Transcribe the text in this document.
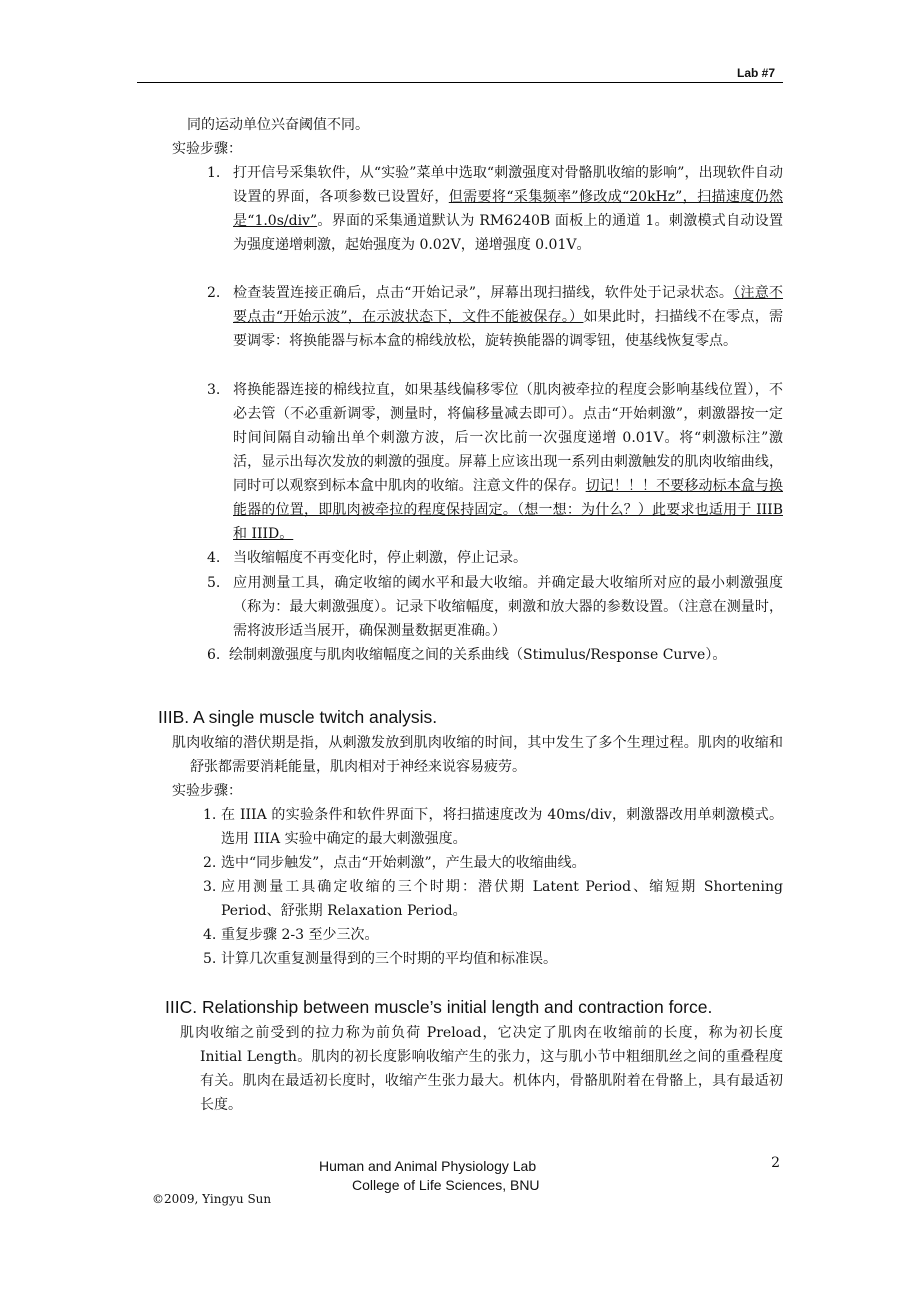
Lab #7

同的运动单位兴奋阈值不同。

实验步骤：

1. 打开信号采集软件，从“实验”菜单中选取“刺激强度对骨骼肌收缩的影响”，出现软件自动设置的界面，各项参数已设置好，但需要将“采集频率”修改成“20kHz”，扫描速度仍然是“1.0s/div”。界面的采集通道默认为 RM6240B 面板上的通道 1。刺激模式自动设置为强度递增刺激，起始强度为 0.02V，递增强度 0.01V。
2. 检查装置连接正确后，点击“开始记录”，屏幕出现扫描线，软件处于记录状态。（注意不要点击“开始示波”，在示波状态下，文件不能被保存。）如果此时，扫描线不在零点，需要调零：将换能器与标本盒的棉线放松，旋转换能器的调零钮，使基线恢复零点。
3. 将换能器连接的棉线拉直，如果基线偏移零位（肌肉被牵拉的程度会影响基线位置），不必去管（不必重新调零，测量时，将偏移量减去即可）。点击“开始刺激”，刺激器按一定时间间隔自动输出单个刺激方波，后一次比前一次强度递增 0.01V。将“刺激标注”激活，显示出每次发放的刺激的强度。屏幕上应该出现一系列由刺激触发的肌肉收缩曲线，同时可以观察到标本盒中肌肉的收缩。注意文件的保存。切记！！！不要移动标本盒与换能器的位置，即肌肉被牵拉的程度保持固定。（想一想：为什么？）此要求也适用于 IIIB 和 IIID。
4. 当收缩幅度不再变化时，停止刺激，停止记录。
5. 应用测量工具，确定收缩的阈水平和最大收缩。并确定最大收缩所对应的最小刺激强度（称为：最大刺激强度）。记录下收缩幅度，刺激和放大器的参数设置。（注意在测量时，需将波形适当展开，确保测量数据更准确。）
6. 绘制刺激强度与肌肉收缩幅度之间的关系曲线（Stimulus/Response Curve）。
IIIB. A single muscle twitch analysis.
肌肉收缩的潜伏期是指，从刺激发放到肌肉收缩的时间，其中发生了多个生理过程。肌肉的收缩和舒张都需要消耗能量，肌肉相对于神经来说容易疲劳。

实验步骤：

1. 在 IIIA 的实验条件和软件界面下，将扫描速度改为 40ms/div，刺激器改用单刺激模式。选用 IIIA 实验中确定的最大刺激强度。
2. 选中“同步触发”，点击“开始刺激”，产生最大的收缩曲线。
3. 应用测量工具确定收缩的三个时期：潜伏期 Latent Period、缩短期 Shortening Period、舒张期 Relaxation Period。
4. 重复步骤 2-3 至少三次。
5. 计算几次重复测量得到的三个时期的平均值和标准误。
IIIC. Relationship between muscle’s initial length and contraction force.
肌肉收缩之前受到的拉力称为前负荷 Preload，它决定了肌肉在收缩前的长度，称为初长度 Initial Length。肌肉的初长度影响收缩产生的张力，这与肌小节中粗细肌丝之间的重叠程度有关。肌肉在最适初长度时，收缩产生张力最大。机体内，骨骼肌附着在骨骼上，具有最适初长度。
Human and Animal Physiology Lab
College of Life Sciences, BNU
2
©2009, Yingyu Sun
